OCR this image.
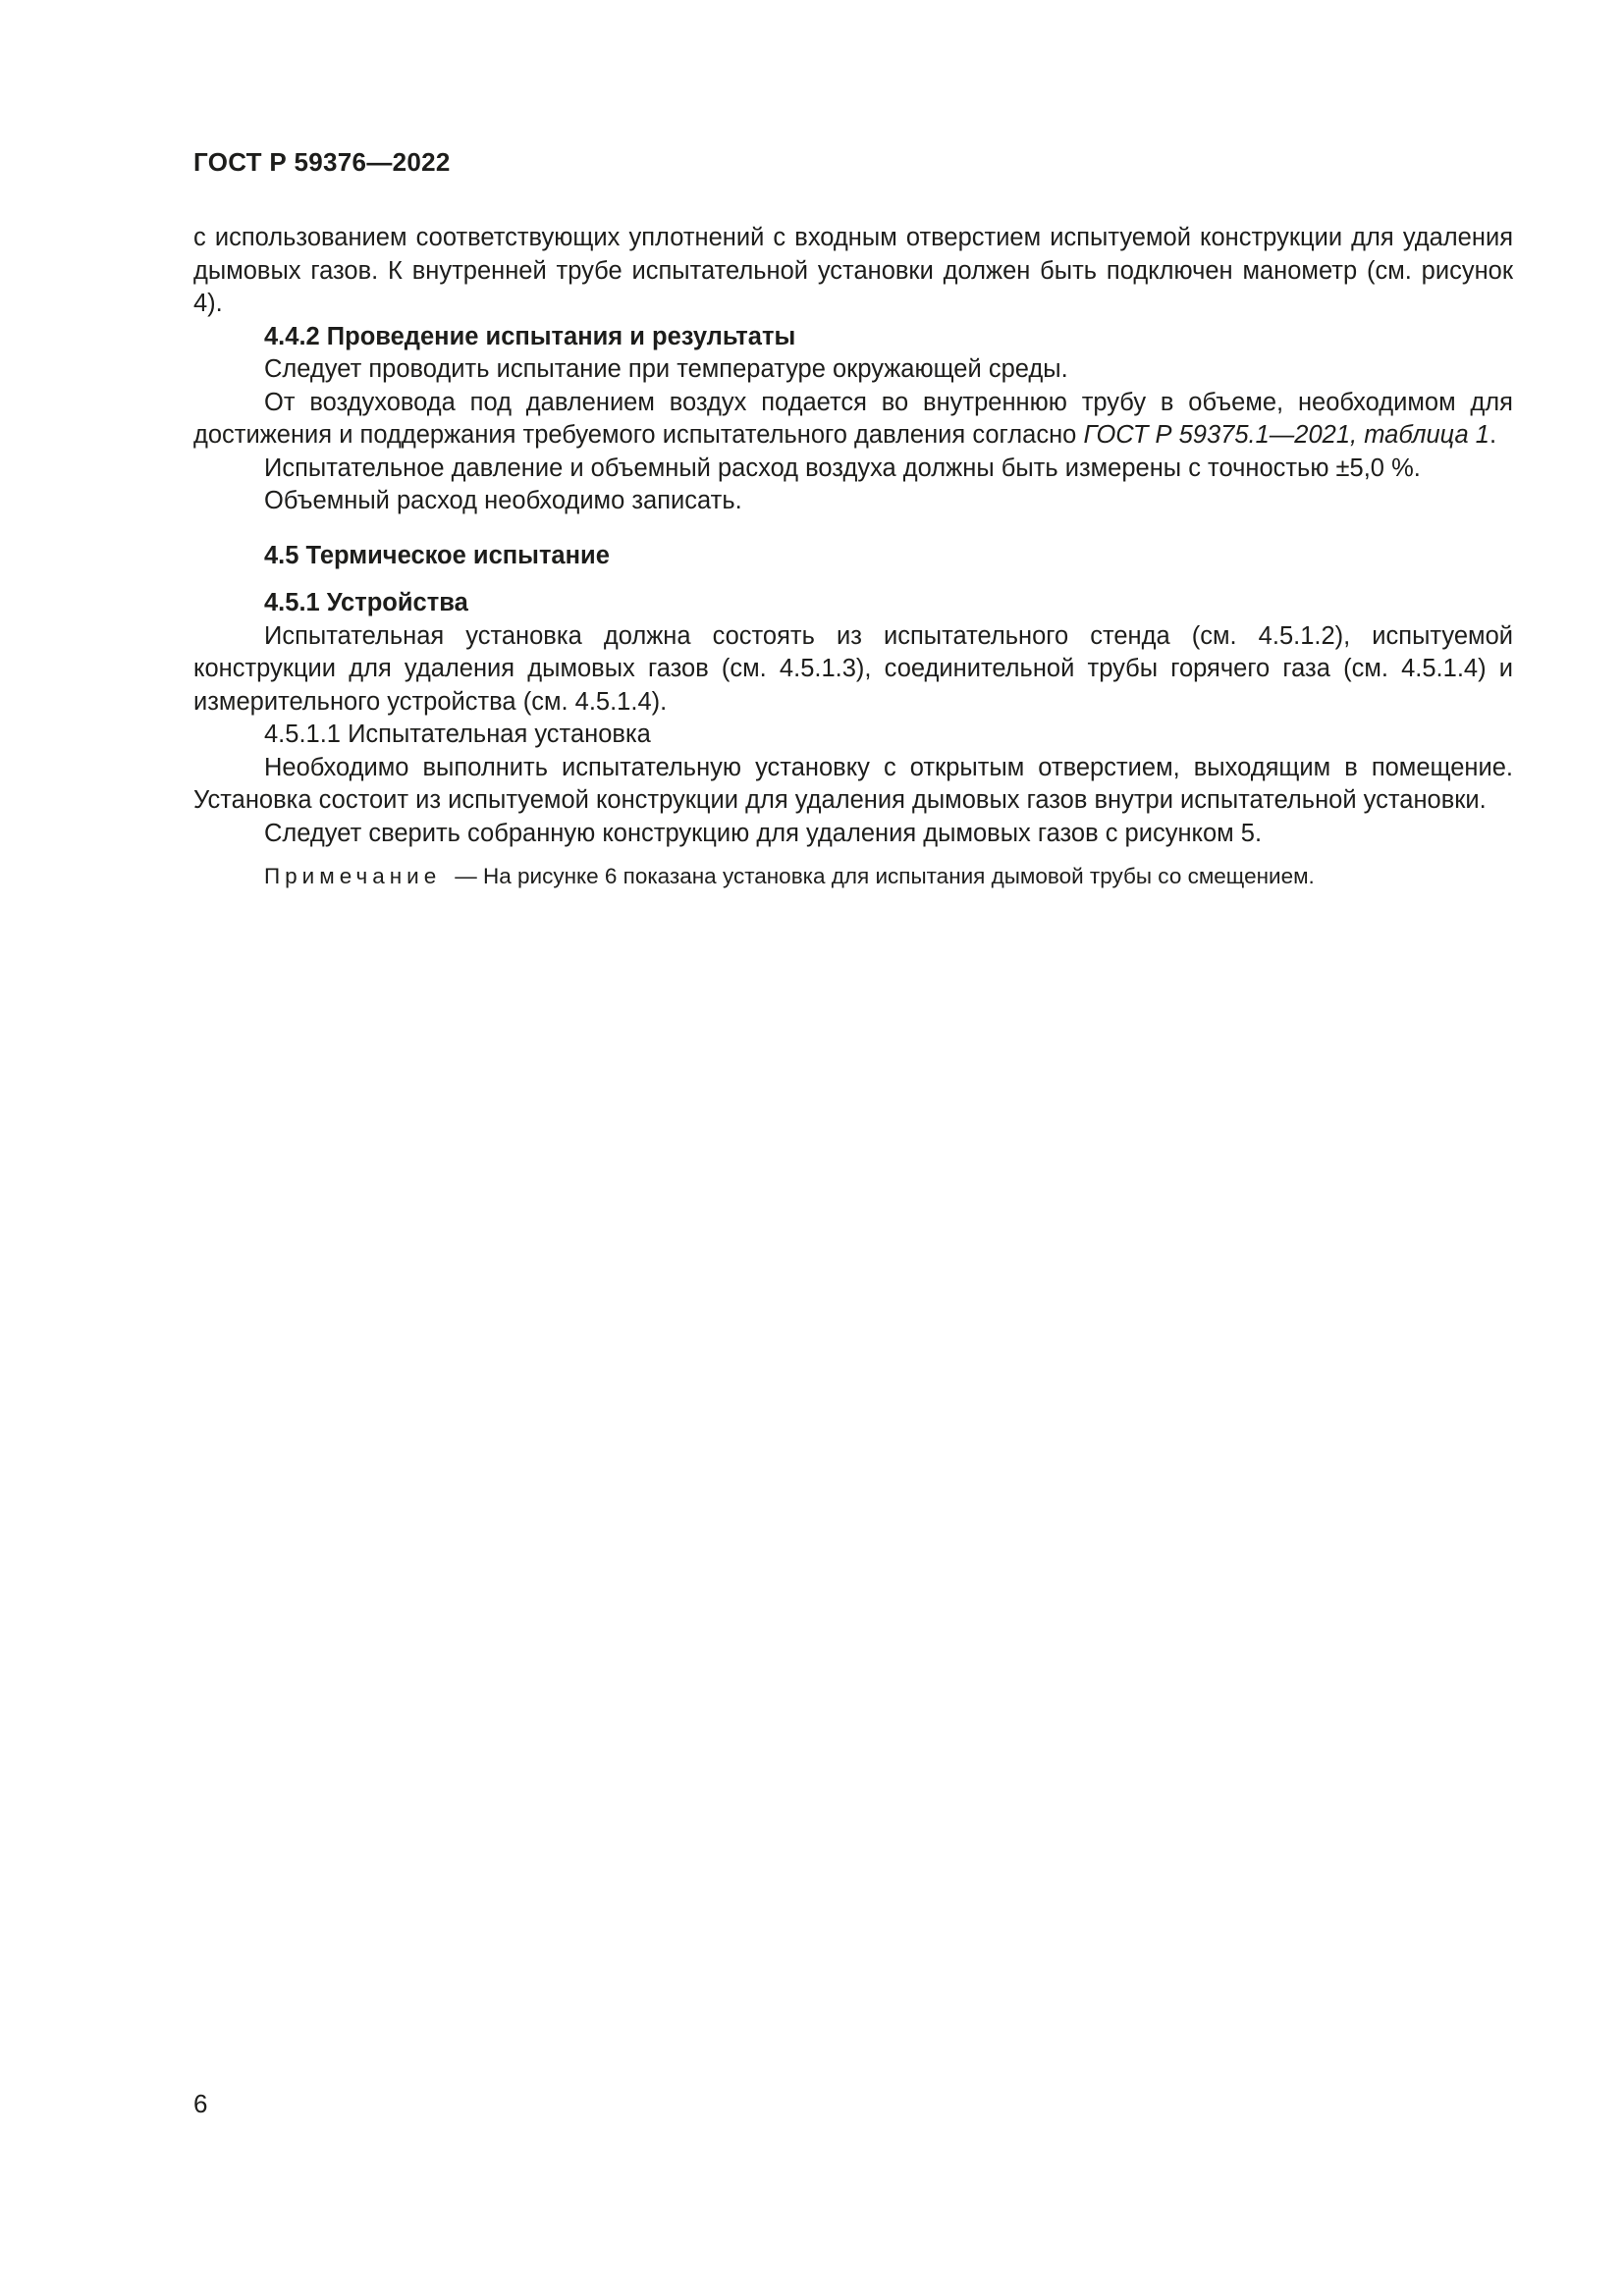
ГОСТ Р 59376—2022

с использованием соответствующих уплотнений с входным отверстием испытуемой конструкции для удаления дымовых газов. К внутренней трубе испытательной установки должен быть подключен манометр (см. рисунок 4).

4.4.2 Проведение испытания и результаты

Следует проводить испытание при температуре окружающей среды.

От воздуховода под давлением воздух подается во внутреннюю трубу в объеме, необходимом для достижения и поддержания требуемого испытательного давления согласно ГОСТ Р 59375.1—2021, таблица 1.

Испытательное давление и объемный расход воздуха должны быть измерены с точностью ±5,0 %.

Объемный расход необходимо записать.

4.5 Термическое испытание

4.5.1 Устройства

Испытательная установка должна состоять из испытательного стенда (см. 4.5.1.2), испытуемой конструкции для удаления дымовых газов (см. 4.5.1.3), соединительной трубы горячего газа (см. 4.5.1.4) и измерительного устройства (см. 4.5.1.4).

4.5.1.1 Испытательная установка

Необходимо выполнить испытательную установку с открытым отверстием, выходящим в помещение. Установка состоит из испытуемой конструкции для удаления дымовых газов внутри испытательной установки.

Следует сверить собранную конструкцию для удаления дымовых газов с рисунком 5.

Примечание — На рисунке 6 показана установка для испытания дымовой трубы со смещением.

6
